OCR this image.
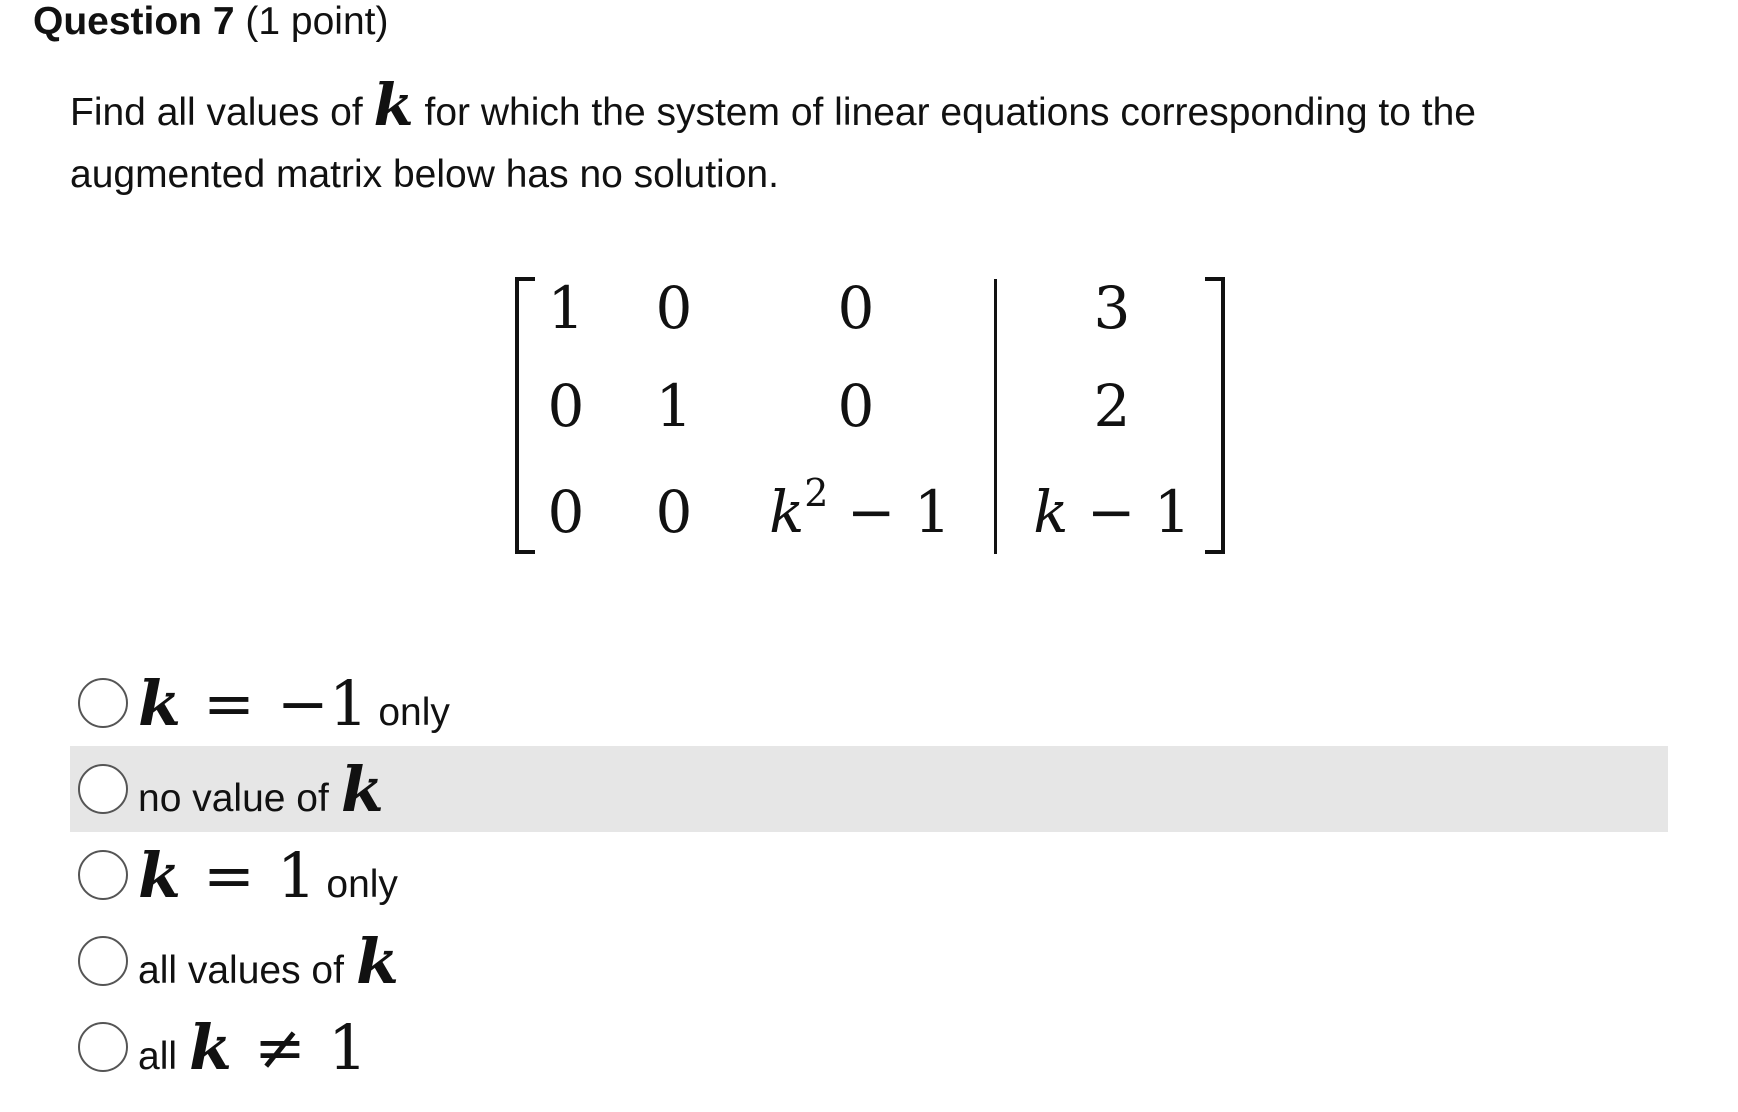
Question 7 (1 point)
Find all values of k for which the system of linear equations corresponding to the augmented matrix below has no solution.
1 0	0	3
0 1	0	2
0 0 $k^2 - 1$ k − 1
k = −1 only
no value of k
k = 1 only
all values of k
all k ≠ 1
